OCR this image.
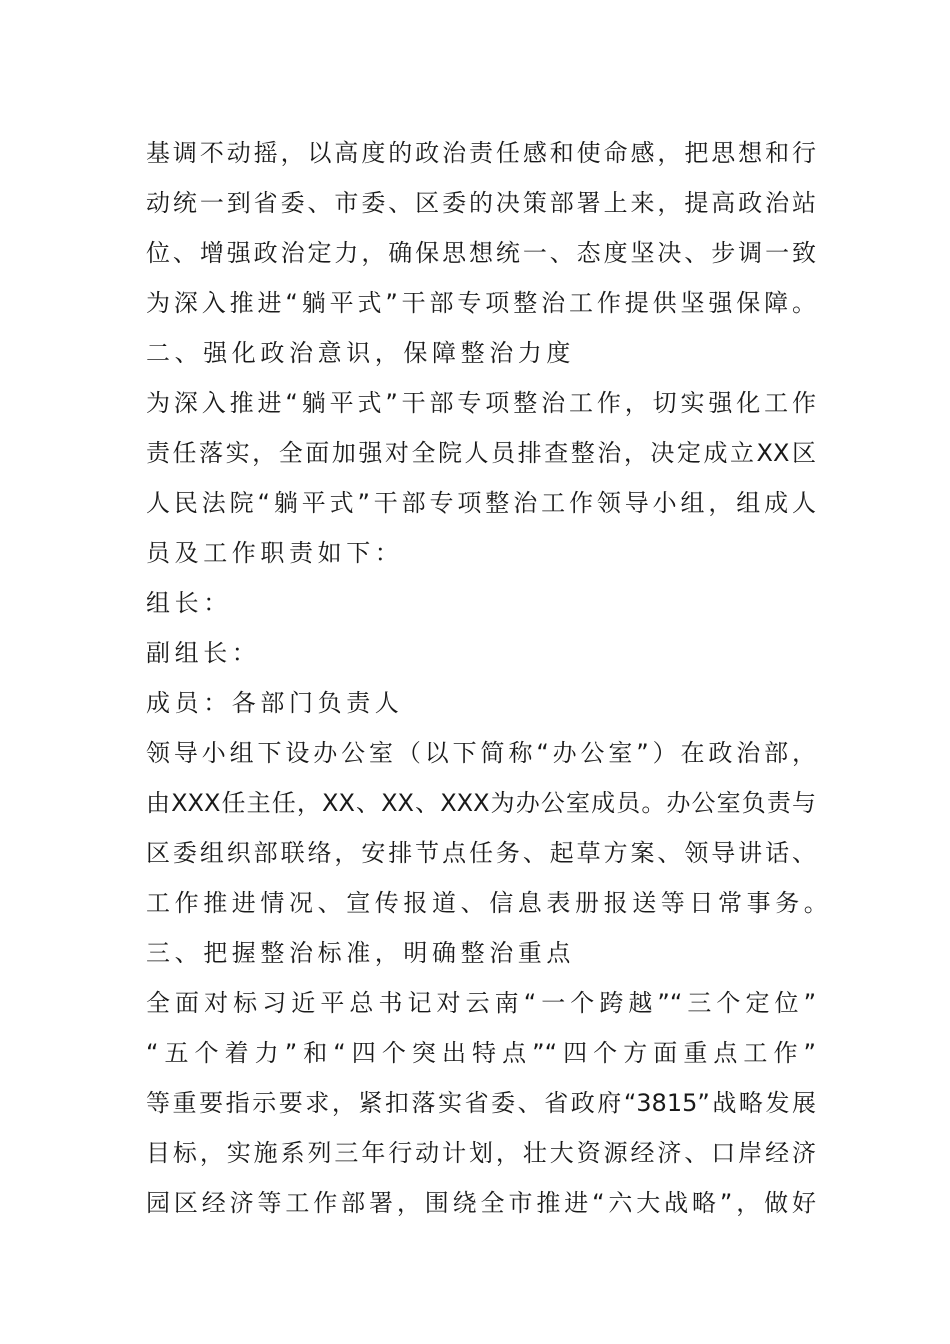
基调不动摇，以高度的政治责任感和使命感，把思想和行
动统一到省委、市委、区委的决策部署上来，提高政治站
位、增强政治定力，确保思想统一、态度坚决、步调一致
为深入推进“躺平式”干部专项整治工作提供坚强保障。
二、强化政治意识，保障整治力度
为深入推进“躺平式”干部专项整治工作，切实强化工作
责任落实，全面加强对全院人员排查整治，决定成立XX区
人民法院“躺平式”干部专项整治工作领导小组，组成人
员及工作职责如下：
组长：
副组长：
成员：各部门负责人
领导小组下设办公室（以下简称“办公室”）在政治部，
由XXX任主任，XX、XX、XXX为办公室成员。办公室负责与
区委组织部联络，安排节点任务、起草方案、领导讲话、
工作推进情况、宣传报道、信息表册报送等日常事务。
三、把握整治标准，明确整治重点
全面对标习近平总书记对云南“一个跨越”“三个定位”
“五个着力”和“四个突出特点”“四个方面重点工作”
等重要指示要求，紧扣落实省委、省政府“3815”战略发展
目标，实施系列三年行动计划，壮大资源经济、口岸经济
园区经济等工作部署，围绕全市推进“六大战略”，做好
